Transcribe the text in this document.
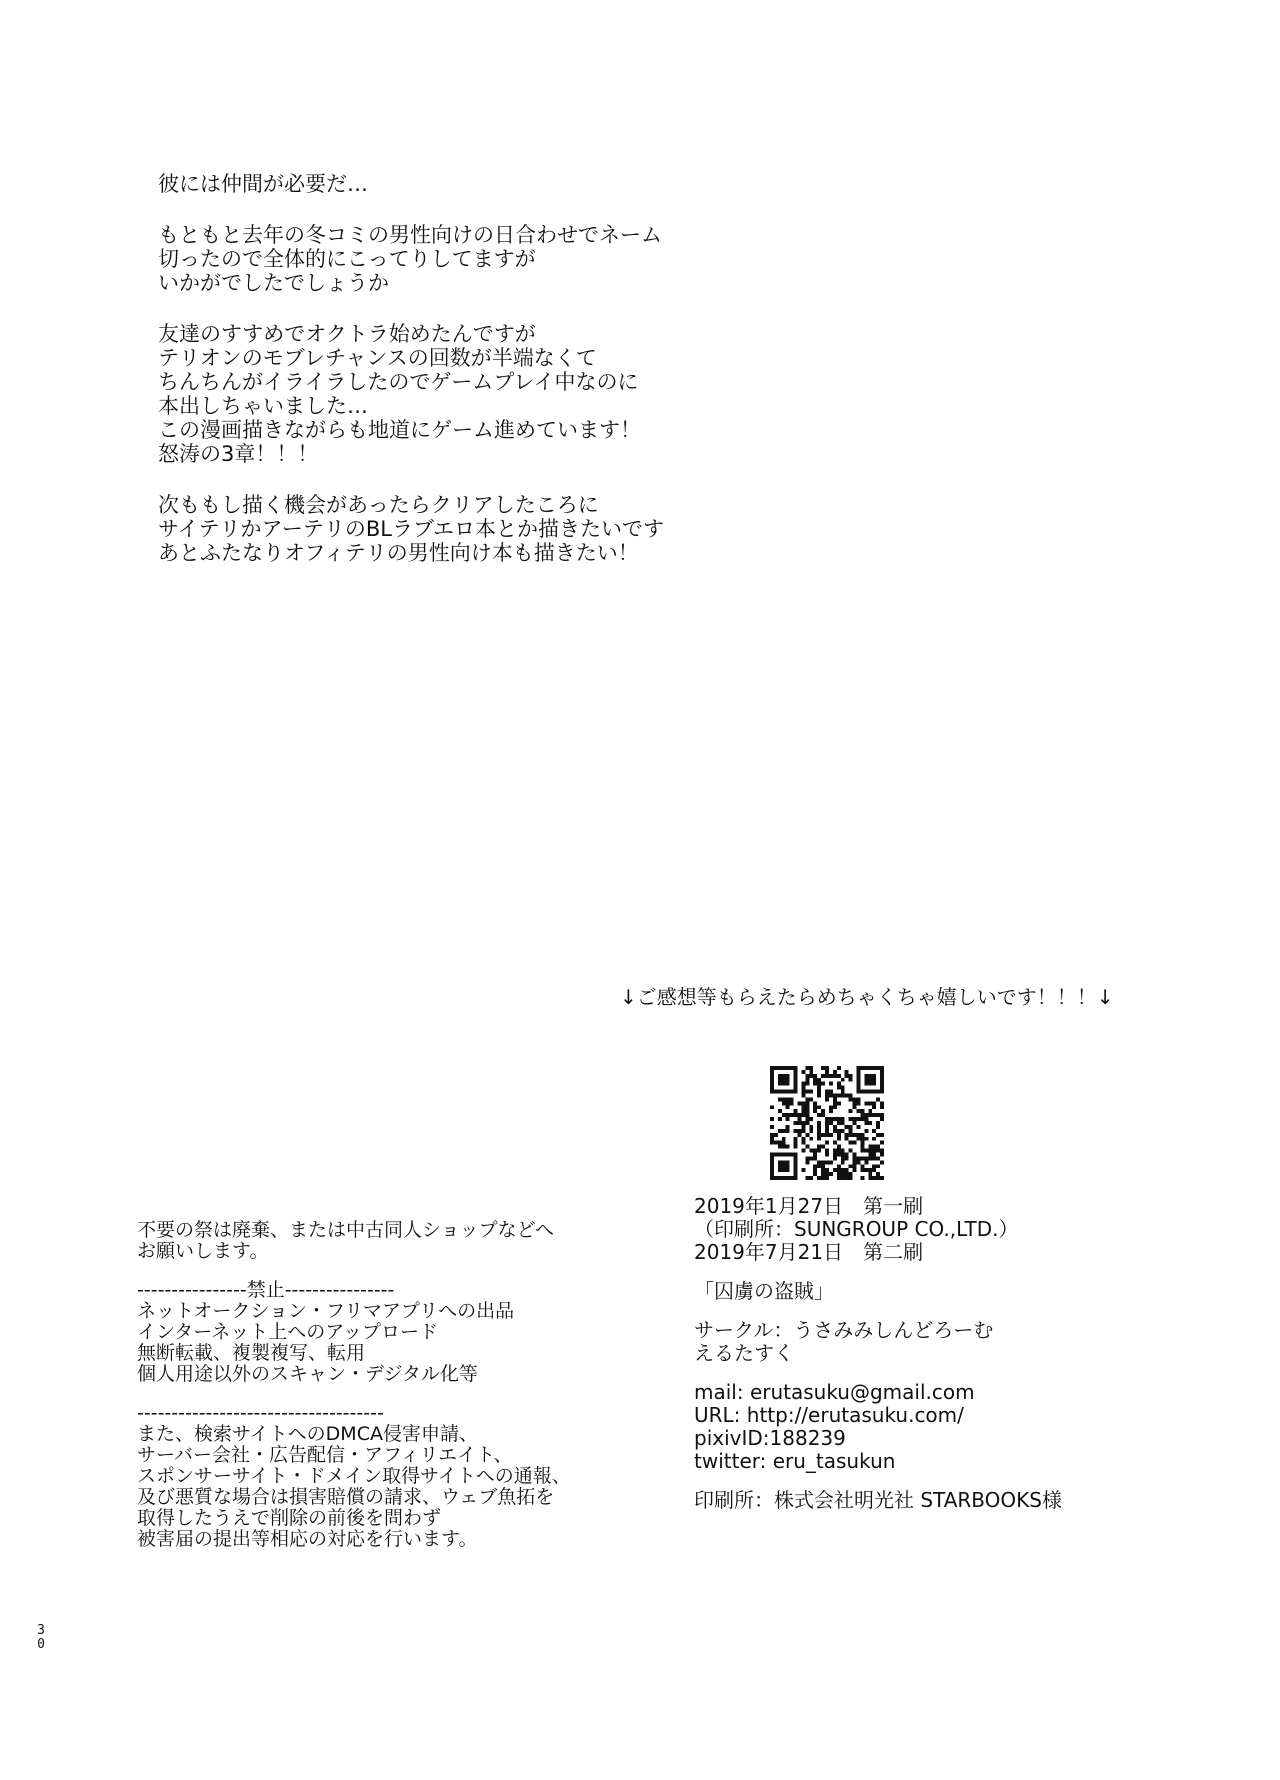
彼には仲間が必要だ…
もともと去年の冬コミの男性向けの日合わせでネーム
切ったので全体的にこってりしてますが
いかがでしたでしょうか
友達のすすめでオクトラ始めたんですが
テリオンのモブレチャンスの回数が半端なくて
ちんちんがイライラしたのでゲームプレイ中なのに
本出しちゃいました…
この漫画描きながらも地道にゲーム進めています！
怒涛の3章！！！
次ももし描く機会があったらクリアしたころに
サイテリかアーテリのBLラブエロ本とか描きたいです
あとふたなりオフィテリの男性向け本も描きたい！
↓ご感想等もらえたらめちゃくちゃ嬉しいです！！！↓
不要の祭は廃棄、または中古同人ショップなどへ
お願いします。
----------------禁止----------------
ネットオークション・フリマアプリへの出品
インターネット上へのアップロード
無断転載、複製複写、転用
個人用途以外のスキャン・デジタル化等
------------------------------------
また、検索サイトへのDMCA侵害申請、
サーバー会社・広告配信・アフィリエイト、
スポンサーサイト・ドメイン取得サイトへの通報、
及び悪質な場合は損害賠償の請求、ウェブ魚拓を
取得したうえで削除の前後を問わず
被害届の提出等相応の対応を行います。
2019年1月27日　第一刷
（印刷所：SUNGROUP CO.,LTD.）
2019年7月21日　第二刷
「囚虜の盗賊」
サークル：うさみみしんどろーむ
えるたすく
mail: erutasuku@gmail.com
URL: http://erutasuku.com/
pixivID:188239
twitter: eru_tasukun
印刷所：株式会社明光社 STARBOOKS様
30
